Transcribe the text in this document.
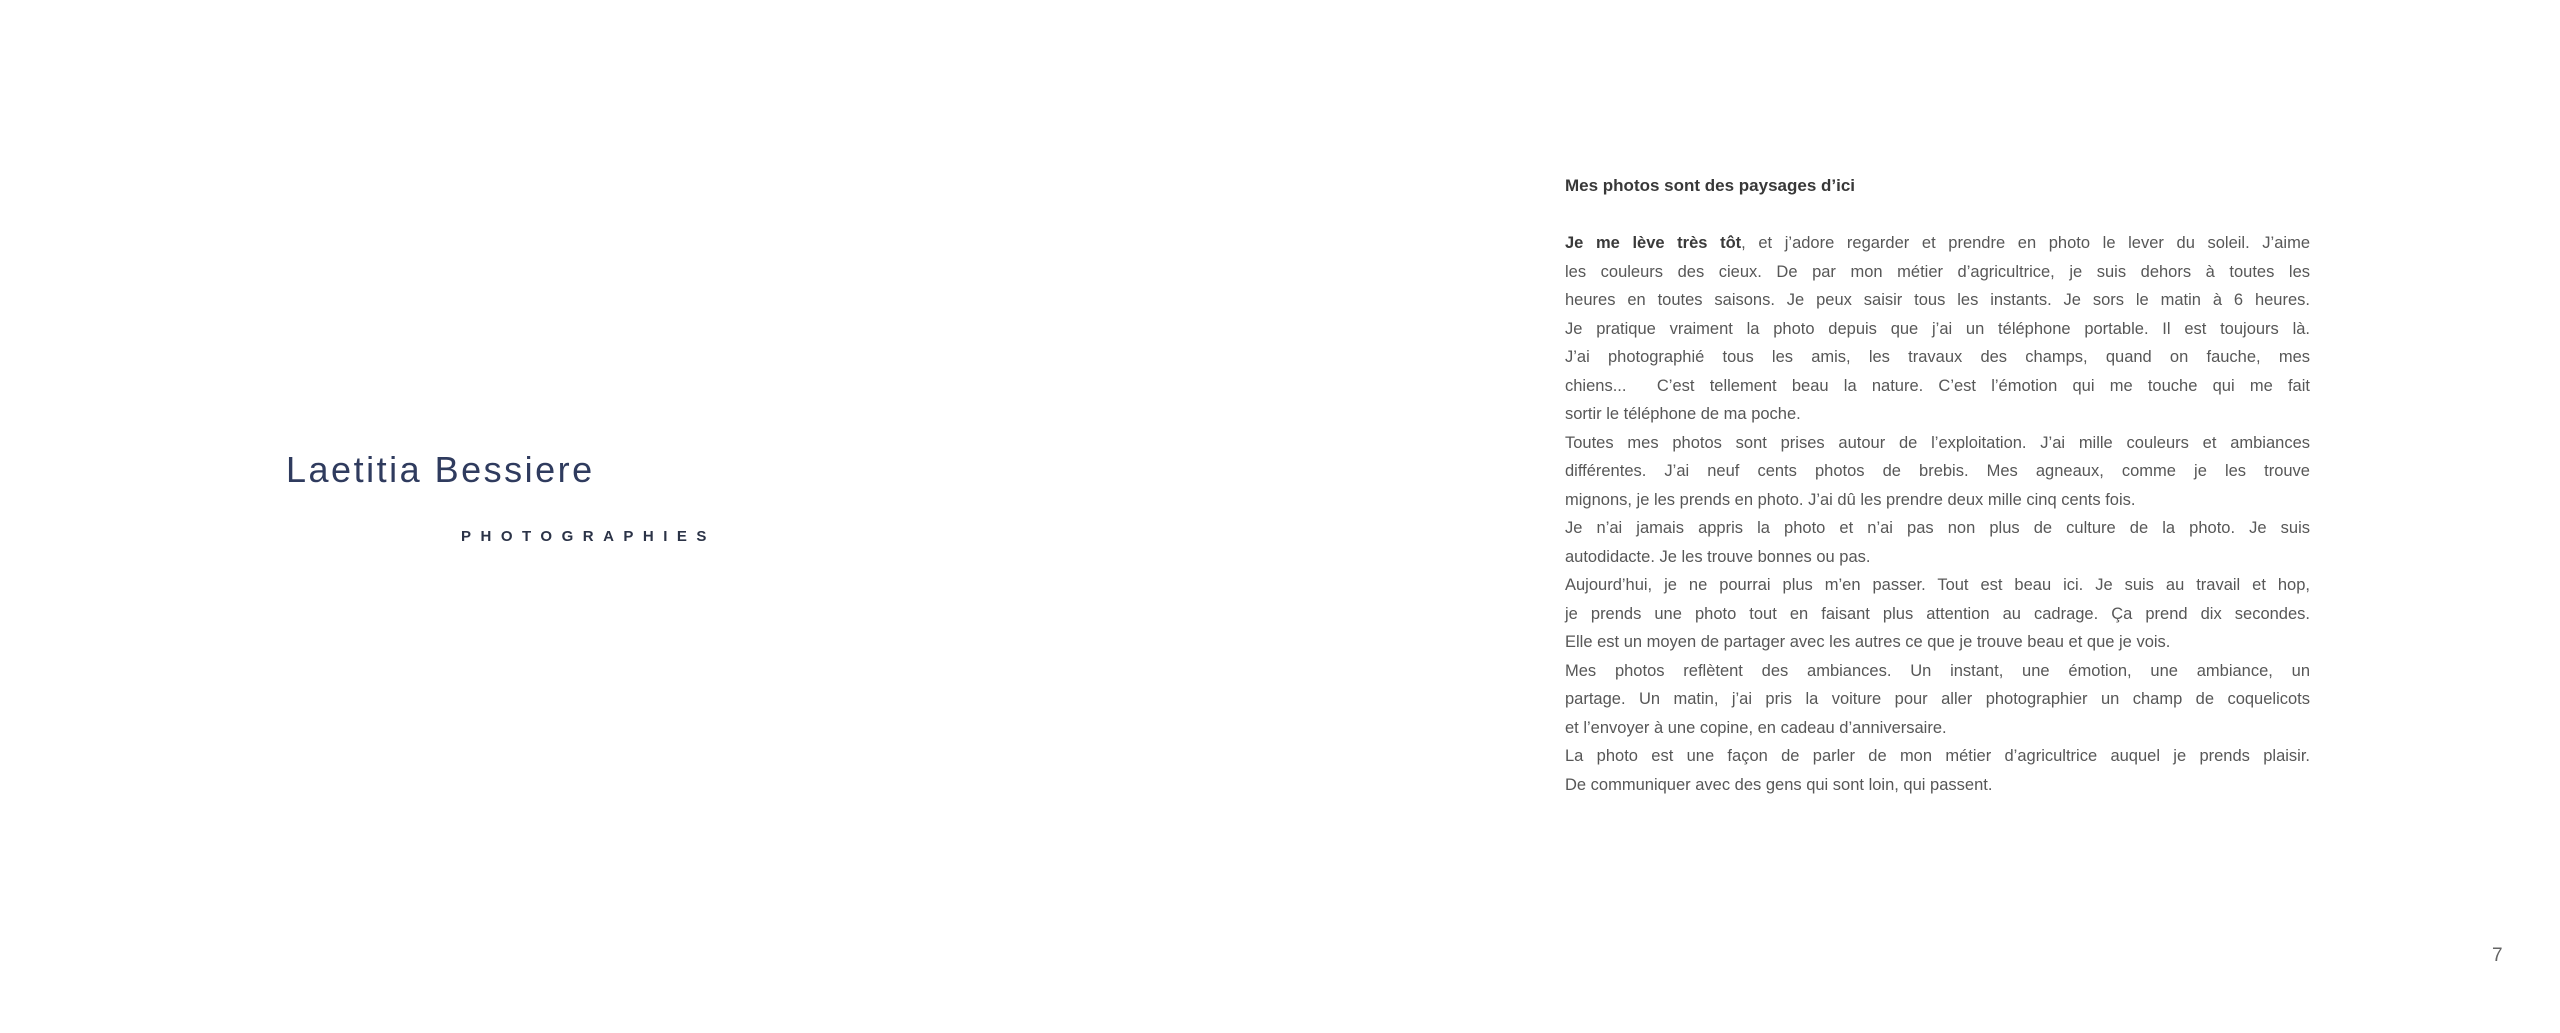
Laetitia Bessiere
PHOTOGRAPHIES
Mes photos sont des paysages d’ici
Je me lève très tôt, et j’adore regarder et prendre en photo le lever du soleil. J’aime
les couleurs des cieux. De par mon métier d’agricultrice, je suis dehors à toutes les
heures en toutes saisons. Je peux saisir tous les instants. Je sors le matin à 6 heures.
Je pratique vraiment la photo depuis que j’ai un téléphone portable. Il est toujours là.
J’ai photographié tous les amis, les travaux des champs, quand on fauche, mes
chiens...  C’est tellement beau la nature. C’est l’émotion qui me touche qui me fait
sortir le téléphone de ma poche.
Toutes mes photos sont prises autour de l’exploitation. J’ai mille couleurs et ambiances
différentes. J’ai neuf cents photos de brebis. Mes agneaux, comme je les trouve
mignons, je les prends en photo. J’ai dû les prendre deux mille cinq cents fois.
Je n’ai jamais appris la photo et n’ai pas non plus de culture de la photo. Je suis
autodidacte. Je les trouve bonnes ou pas.
Aujourd’hui, je ne pourrai plus m’en passer. Tout est beau ici. Je suis au travail et hop,
je prends une photo tout en faisant plus attention au cadrage. Ça prend dix secondes.
Elle est un moyen de partager avec les autres ce que je trouve beau et que je vois.
Mes photos reflètent des ambiances. Un instant, une émotion, une ambiance, un
partage. Un matin, j’ai pris la voiture pour aller photographier un champ de coquelicots
et l’envoyer à une copine, en cadeau d’anniversaire.
La photo est une façon de parler de mon métier d’agricultrice auquel je prends plaisir.
De communiquer avec des gens qui sont loin, qui passent.
7
